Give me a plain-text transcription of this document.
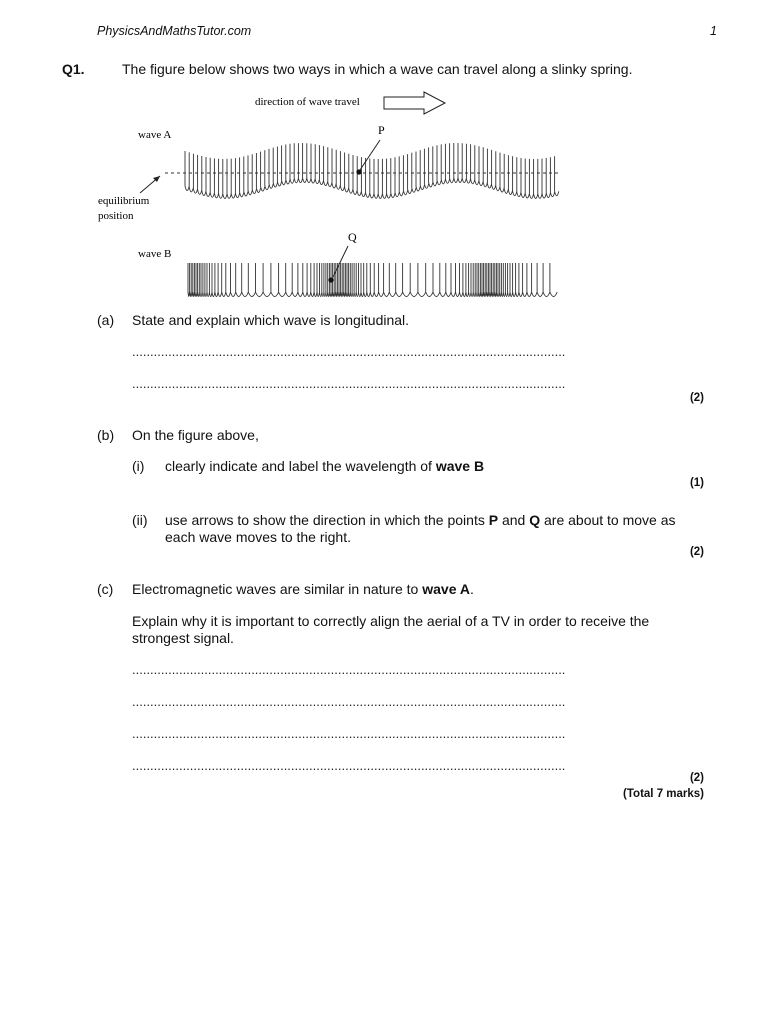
PhysicsAndMathsTutor.com	1
Q1.	The figure below shows two ways in which a wave can travel along a slinky spring.
direction of wave travel
wave A
equilibrium
position
P
wave B
Q
(a) State and explain which wave is longitudinal.
........................................................................................................................
........................................................................................................................
(2)
(b) On the figure above,
(i) clearly indicate and label the wavelength of wave B
(1)
(ii) use arrows to show the direction in which the points P and Q are about to move as
each wave moves to the right.
(2)
(c) Electromagnetic waves are similar in nature to wave A.
Explain why it is important to correctly align the aerial of a TV in order to receive the
strongest signal.
........................................................................................................................
........................................................................................................................
........................................................................................................................
........................................................................................................................
(2)
(Total 7 marks)
